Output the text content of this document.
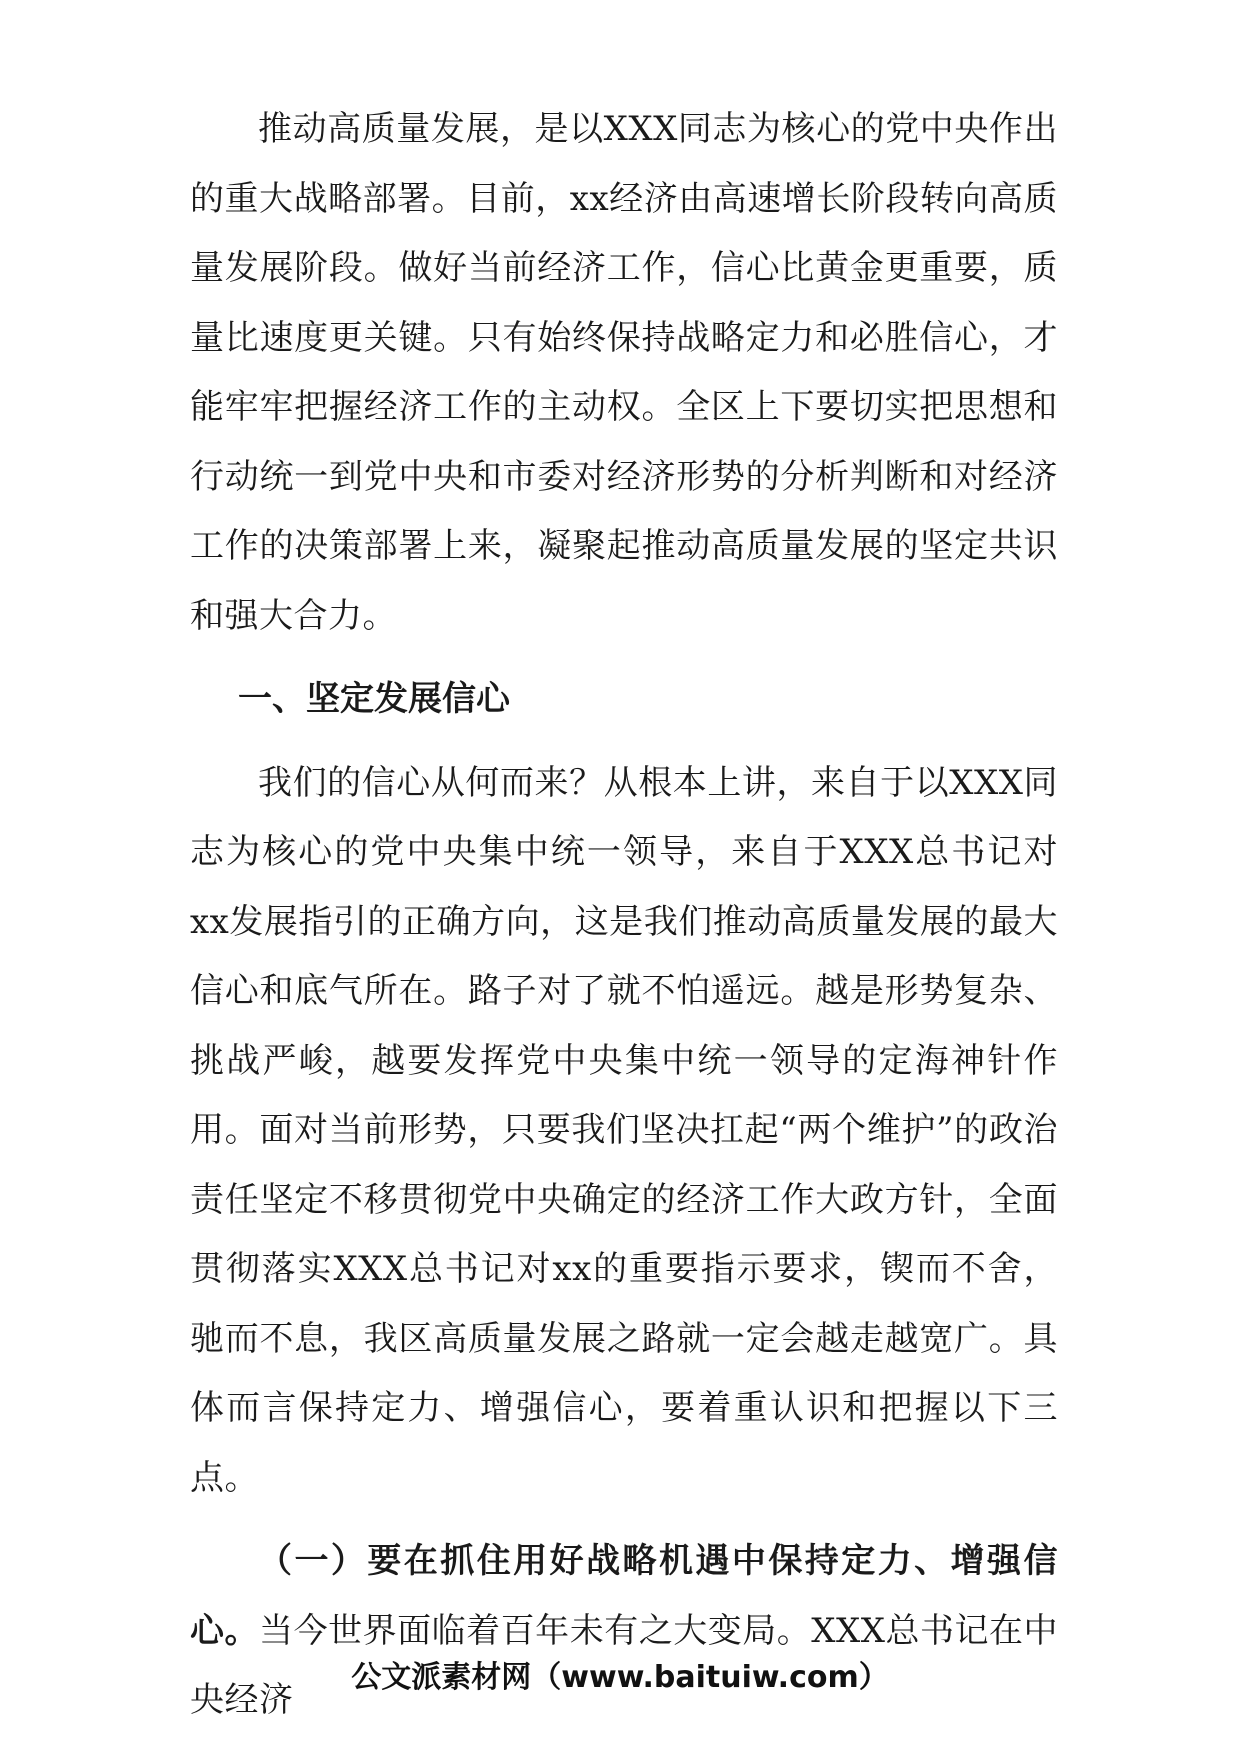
推动高质量发展，是以XXX同志为核心的党中央作出的重大战略部署。目前，xx经济由高速增长阶段转向高质量发展阶段。做好当前经济工作，信心比黄金更重要，质量比速度更关键。只有始终保持战略定力和必胜信心，才能牢牢把握经济工作的主动权。全区上下要切实把思想和行动统一到党中央和市委对经济形势的分析判断和对经济工作的决策部署上来，凝聚起推动高质量发展的坚定共识和强大合力。

一、坚定发展信心

我们的信心从何而来？从根本上讲，来自于以XXX同志为核心的党中央集中统一领导，来自于XXX总书记对xx发展指引的正确方向，这是我们推动高质量发展的最大信心和底气所在。路子对了就不怕遥远。越是形势复杂、挑战严峻，越要发挥党中央集中统一领导的定海神针作用。面对当前形势，只要我们坚决扛起“两个维护”的政治责任坚定不移贯彻党中央确定的经济工作大政方针，全面贯彻落实XXX总书记对xx的重要指示要求，锲而不舍，驰而不息，我区高质量发展之路就一定会越走越宽广。具体而言保持定力、增强信心，要着重认识和把握以下三点。

（一）要在抓住用好战略机遇中保持定力、增强信心。当今世界面临着百年未有之大变局。XXX总书记在中央经济

公文派素材网（www.baituiw.com）
